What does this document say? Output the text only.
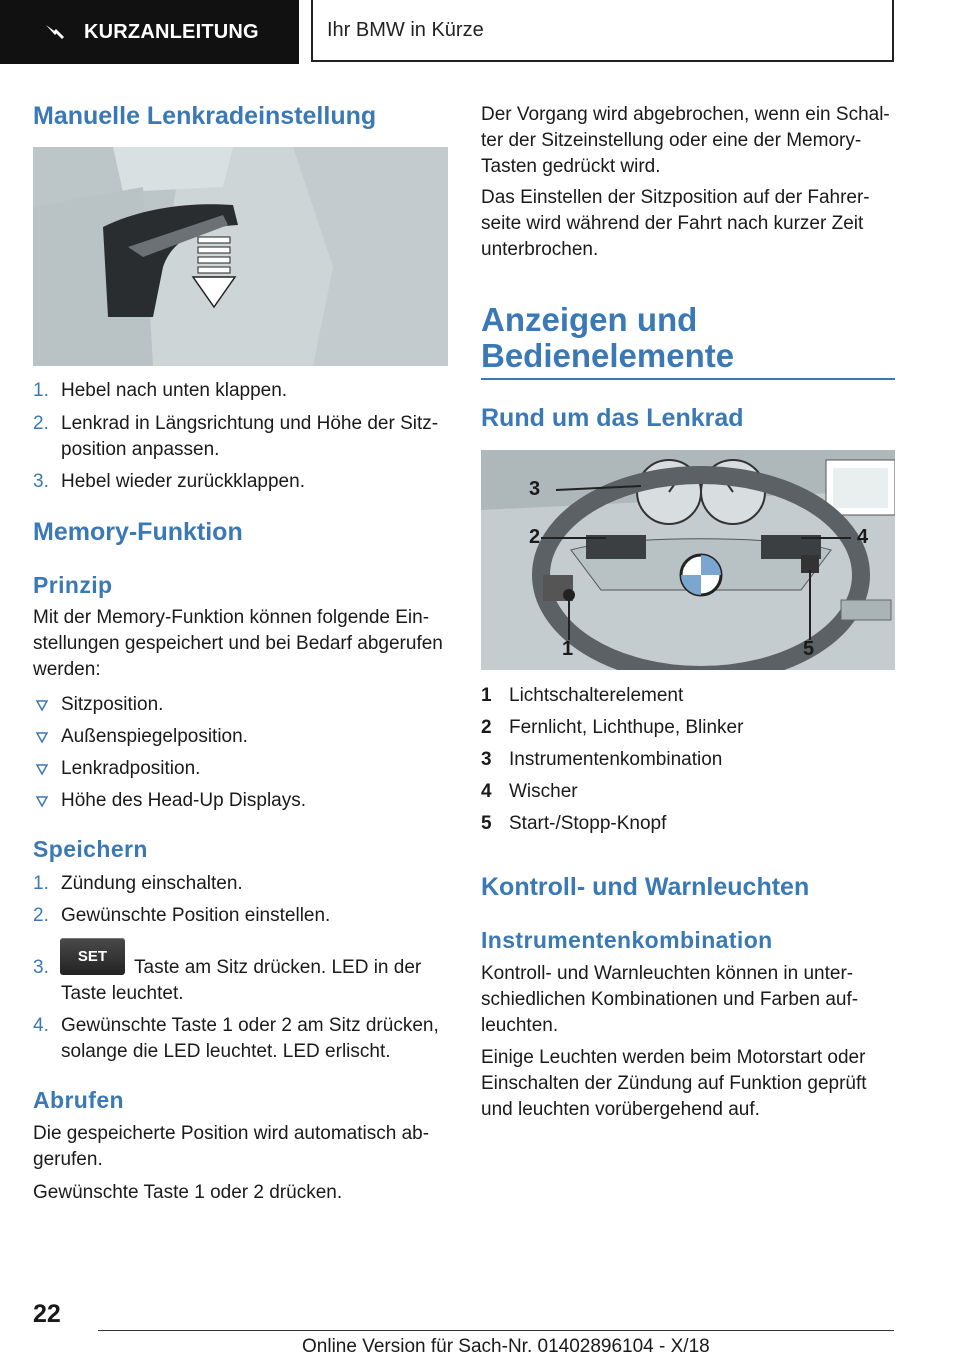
KURZANLEITUNG	Ihr BMW in Kürze
Manuelle Lenkradeinstellung
1. Hebel nach unten klappen.
2. Lenkrad in Längsrichtung und Höhe der Sitz-
position anpassen.
3. Hebel wieder zurückklappen.
Memory-Funktion
Prinzip
Mit der Memory-Funktion können folgende Ein-
stellungen gespeichert und bei Bedarf abgerufen
werden:
Sitzposition.
Außenspiegelposition.
Lenkradposition.
Höhe des Head-Up Displays.
Speichern
1. Zündung einschalten.
2. Gewünschte Position einstellen.
3.
SET
Taste am Sitz drücken. LED in der
Taste leuchtet.
4. Gewünschte Taste 1 oder 2 am Sitz drücken,
solange die LED leuchtet. LED erlischt.
Abrufen
Die gespeicherte Position wird automatisch ab-
gerufen.
Gewünschte Taste 1 oder 2 drücken.
Der Vorgang wird abgebrochen, wenn ein Schal-
ter der Sitzeinstellung oder eine der Memory-
Tasten gedrückt wird.
Das Einstellen der Sitzposition auf der Fahrer-
seite wird während der Fahrt nach kurzer Zeit
unterbrochen.
Anzeigen und
Bedienelemente
Rund um das Lenkrad
3
2	4
1	5
1 Lichtschalterelement
2 Fernlicht, Lichthupe, Blinker
3 Instrumentenkombination
4 Wischer
5 Start-/Stopp-Knopf
Kontroll- und Warnleuchten
Instrumentenkombination
Kontroll- und Warnleuchten können in unter-
schiedlichen Kombinationen und Farben auf-
leuchten.
Einige Leuchten werden beim Motorstart oder
Einschalten der Zündung auf Funktion geprüft
und leuchten vorübergehend auf.
22
Online Version für Sach-Nr. 01402896104 - X/18
